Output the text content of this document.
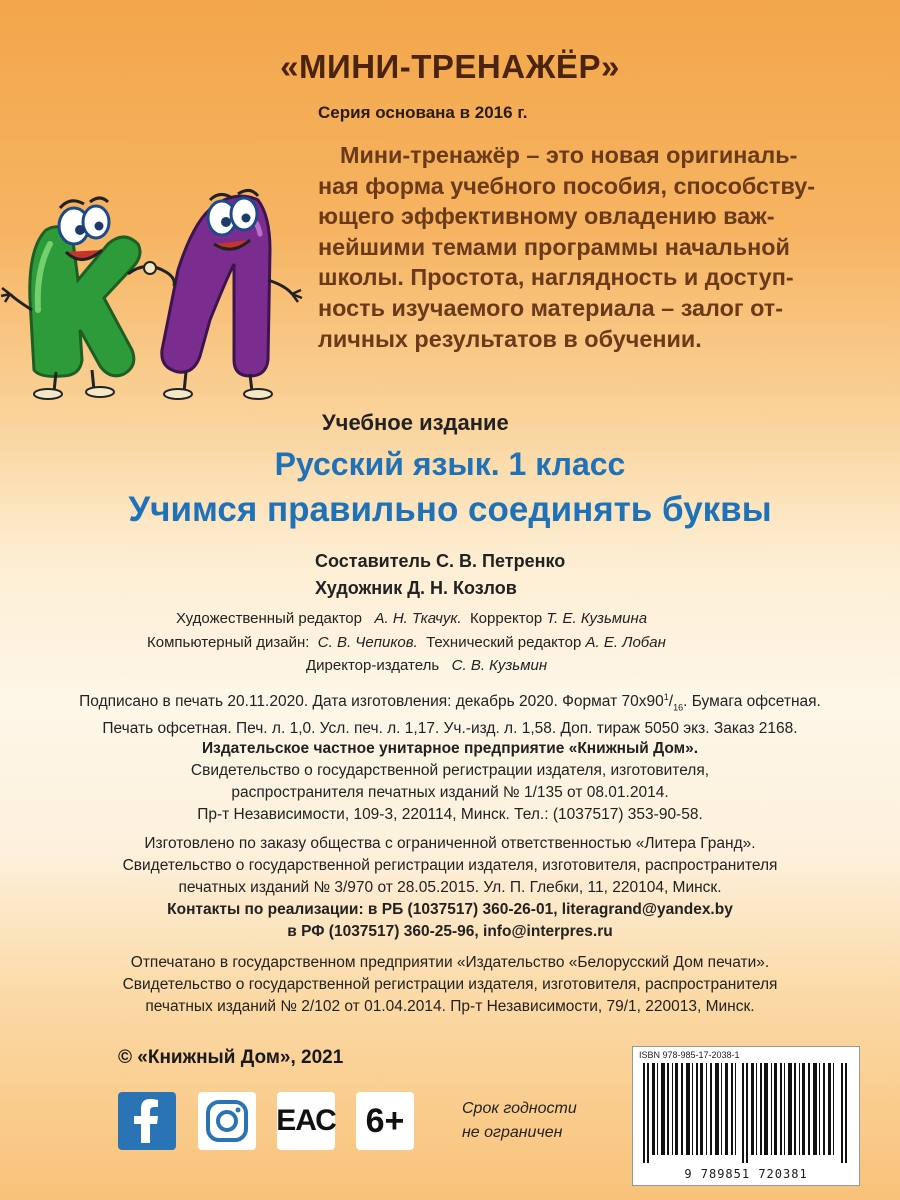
«МИНИ-ТРЕНАЖЁР»
Серия основана в 2016 г.
Мини-тренажёр – это новая оригиналь-
ная форма учебного пособия, способству-
ющего эффективному овладению важ-
нейшими темами программы начальной
школы. Простота, наглядность и доступ-
ность изучаемого материала – залог от-
личных результатов в обучении.
Учебное издание
Русский язык. 1 класс
Учимся правильно соединять буквы
Составитель С. В. Петренко
Художник Д. Н. Козлов
Художественный редактор А. Н. Ткачук. Корректор Т. Е. Кузьмина
Компьютерный дизайн: С. В. Чепиков. Технический редактор А. Е. Лобан
Директор-издатель С. В. Кузьмин
Подписано в печать 20.11.2020. Дата изготовления: декабрь 2020. Формат $70х90^1/_{16}$. Бумага офсетная.
Печать офсетная. Печ. л. 1,0. Усл. печ. л. 1,17. Уч.-изд. л. 1,58. Доп. тираж 5050 экз. Заказ 2168.
Издательское частное унитарное предприятие «Книжный Дом».
Свидетельство о государственной регистрации издателя, изготовителя,
распространителя печатных изданий № 1/135 от 08.01.2014.
Пр-т Независимости, 109-3, 220114, Минск. Тел.: (1037517) 353-90-58.
Изготовлено по заказу общества с ограниченной ответственностью «Литера Гранд».
Свидетельство о государственной регистрации издателя, изготовителя, распространителя
печатных изданий № 3/970 от 28.05.2015. Ул. П. Глебки, 11, 220104, Минск.
Контакты по реализации: в РБ (1037517) 360-26-01, literagrand@yandex.by
в РФ (1037517) 360-25-96, info@interpres.ru
Отпечатано в государственном предприятии «Издательство «Белорусский Дом печати».
Свидетельство о государственной регистрации издателя, изготовителя, распространителя
печатных изданий № 2/102 от 01.04.2014. Пр-т Независимости, 79/1, 220013, Минск.
© «Книжный Дом», 2021
ЕАС 6+	Срок годности
не ограничен
ISBN 978-985-17-2038-1
9 789851 720381
